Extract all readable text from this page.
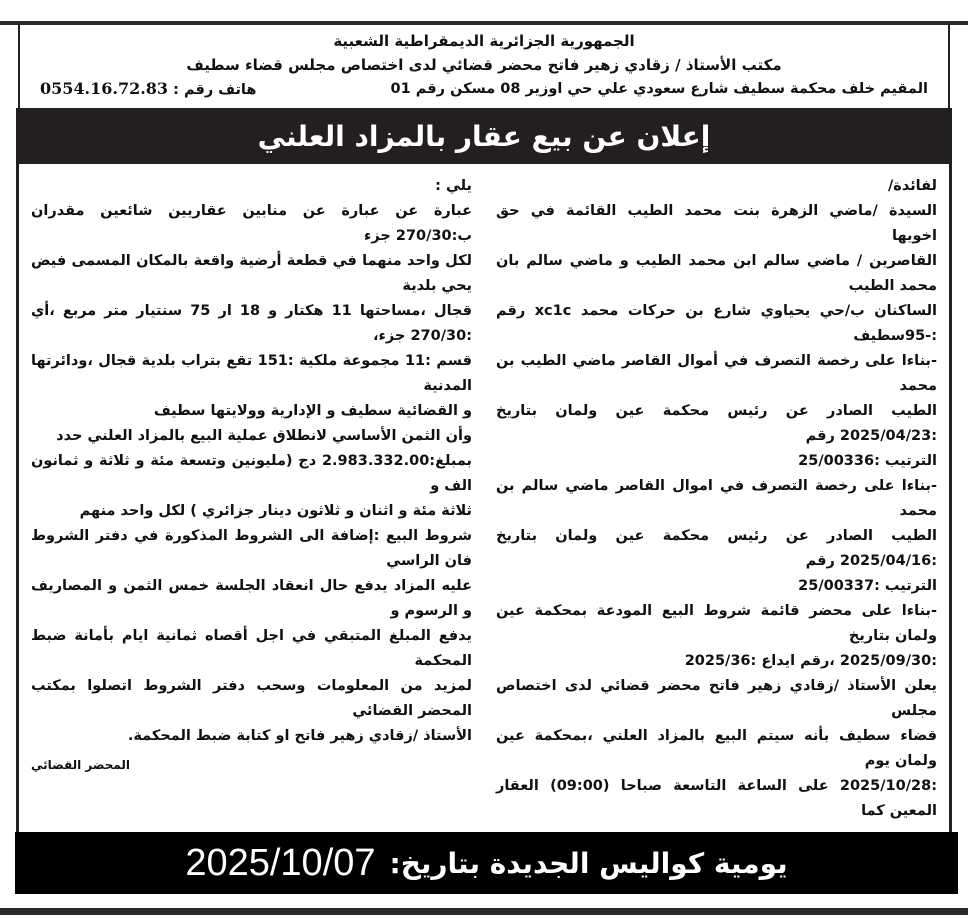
الجمهورية الجزائرية الديمقراطية الشعبية
مكتب الأستاذ / زقادي زهير فاتح محضر قضائي لدى اختصاص مجلس قضاء سطيف
المقيم خلف محكمة سطيف شارع سعودي علي حي اوزير 08 مسكن رقم 01
هاتف رقم : 0554.16.72.83
إعلان عن بيع عقار بالمزاد العلني
لفائدة/
السيدة /ماضي الزهرة بنت محمد الطيب القائمة في حق اخويها
القاصرين / ماضي سالم ابن محمد الطيب و ماضي سالم بان محمد الطيب
الساكنان ب/حي يحياوي شارع بن حركات محمد xc1c رقم :-95سطيف
-بناءا على رخصة التصرف في أموال القاصر ماضي الطيب بن محمد
الطيب الصادر عن رئيس محكمة عين ولمان بتاريخ :2025/04/23 رقم
الترتيب :25/00336
-بناءا على رخصة التصرف في اموال القاصر ماضي سالم بن محمد
الطيب الصادر عن رئيس محكمة عين ولمان بتاريخ :2025/04/16 رقم
الترتيب :25/00337
-بناءا على محضر قائمة شروط البيع المودعة بمحكمة عين ولمان بتاريخ
:2025/09/30 ،رقم ايداع :2025/36
يعلن الأستاذ /زقادي زهير فاتح محضر قضائي لدى اختصاص مجلس
قضاء سطيف بأنه سيتم البيع بالمزاد العلني ،بمحكمة عين ولمان يوم
:2025/10/28 على الساعة التاسعة صباحا (09:00) العقار المعين كما
يلي :
عبارة عن عبارة عن منابين عقاريين شائعين مقدران ب:270/30 جزء
لكل واحد منهما في قطعة أرضية واقعة بالمكان المسمى فيض يحي بلدية
قجال ،مساحتها 11 هكتار و 18 ار 75 سنتيار متر مربع ،أي :270/30 جزء،
قسم :11 مجموعة ملكية :151 تقع بتراب بلدية قجال ،ودائرتها المدنية
و القضائية سطيف و الإدارية وولايتها سطيف
وأن الثمن الأساسي لانطلاق عملية البيع بالمزاد العلني حدد
بمبلغ:2.983.332.00 دج (مليونين وتسعة مئة و ثلاثة و ثمانون الف و
ثلاثة مئة و اثنان و ثلاثون دينار جزائري ) لكل واحد منهم
شروط البيع :إضافة الى الشروط المذكورة في دفتر الشروط فان الراسي
عليه المزاد يدفع حال انعقاد الجلسة خمس الثمن و المصاريف و الرسوم و
يدفع المبلغ المتبقي في اجل أقصاه ثمانية ايام بأمانة ضبط المحكمة
لمزيد من المعلومات وسحب دفتر الشروط اتصلوا بمكتب المحضر القضائي
الأستاذ /زقادي زهير فاتح او كتابة ضبط المحكمة.
المحضر القضائي
يومية كواليس الجديدة بتاريخ:
2025/10/07
